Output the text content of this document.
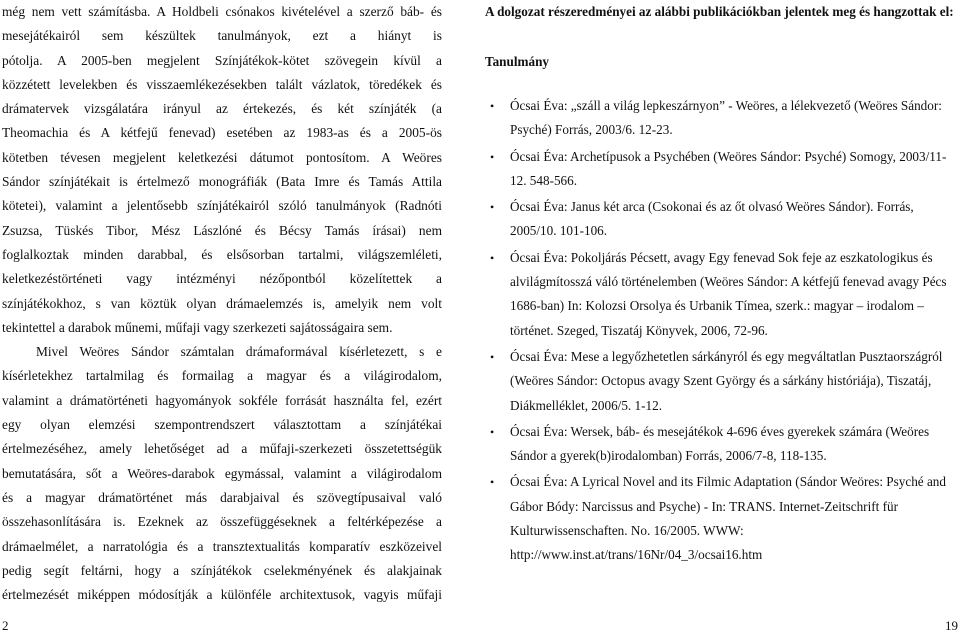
még nem vett számításba. A Holdbeli csónakos kivételével a szerző báb- és
mesejátékairól sem készültek tanulmányok, ezt a hiányt is
pótolja. A 2005-ben megjelent Színjátékok-kötet szövegein kívül a
közzétett levelekben és visszaemlékezésekben talált vázlatok, töredékek és
drámatervek vizsgálatára irányul az értekezés, és két színjáték (a
Theomachia és A kétfejű fenevad) esetében az 1983-as és a 2005-ös
kötetben tévesen megjelent keletkezési dátumot pontosítom. A Weöres
Sándor színjátékait is értelmező monográfiák (Bata Imre és Tamás Attila
kötetei), valamint a jelentősebb színjátékairól szóló tanulmányok (Radnóti
Zsuzsa, Tüskés Tibor, Mész Lászlóné és Bécsy Tamás írásai) nem
foglalkoztak minden darabbal, és elsősorban tartalmi, világszemléleti,
keletkezéstörténeti vagy intézményi nézőpontból közelítettek a
színjátékokhoz, s van köztük olyan drámaelemzés is, amelyik nem volt
tekintettel a darabok műnemi, műfaji vagy szerkezeti sajátosságaira sem.
Mivel Weöres Sándor számtalan drámaformával kísérletezett, s e
kísérletekhez tartalmilag és formailag a magyar és a világirodalom,
valamint a drámatörténeti hagyományok sokféle forrását használta fel, ezért
egy olyan elemzési szempontrendszert választottam a színjátékai
értelmezéséhez, amely lehetőséget ad a műfaji-szerkezeti összetettségük
bemutatására, sőt a Weöres-darabok egymással, valamint a világirodalom
és a magyar drámatörténet más darabjaival és szövegtípusaival való
összehasonlítására is. Ezeknek az összefüggéseknek a feltérképezése a
drámaelmélet, a narratológia és a transztextualitás komparatív eszközeivel
pedig segít feltárni, hogy a színjátékok cselekményének és alakjainak
értelmezését miképpen módosítják a különféle architextusok, vagyis műfaji
A dolgozat részeredményei az alábbi publikációkban jelentek meg és hangzottak el:
Tanulmány
• Ócsai Éva: „száll a világ lepkeszárnyon” - Weöres, a lélekvezető (Weöres Sándor: Psyché) Forrás, 2003/6. 12-23.
• Ócsai Éva: Archetípusok a Psychében (Weöres Sándor: Psyché) Somogy, 2003/11-12. 548-566.
• Ócsai Éva: Janus két arca (Csokonai és az őt olvasó Weöres Sándor). Forrás, 2005/10. 101-106.
• Ócsai Éva: Pokoljárás Pécsett, avagy Egy fenevad Sok feje az eszkatologikus és alvilágmítosszá váló történelemben (Weöres Sándor: A kétfejű fenevad avagy Pécs 1686-ban) In: Kolozsi Orsolya és Urbanik Tímea, szerk.: magyar – irodalom – történet. Szeged, Tiszatáj Könyvek, 2006, 72-96.
• Ócsai Éva: Mese a legyőzhetetlen sárkányról és egy megváltatlan Pusztaországról (Weöres Sándor: Octopus avagy Szent György és a sárkány históriája), Tiszatáj, Diákmelléklet, 2006/5. 1-12.
• Ócsai Éva: Wersek, báb- és mesejátékok 4-696 éves gyerekek számára (Weöres Sándor a gyerek(b)irodalomban) Forrás, 2006/7-8, 118-135.
• Ócsai Éva: A Lyrical Novel and its Filmic Adaptation (Sándor Weöres: Psyché and Gábor Bódy: Narcissus and Psyche) - In: TRANS. Internet-Zeitschrift für Kulturwissenschaften. No. 16/2005. WWW: http://www.inst.at/trans/16Nr/04_3/ocsai16.htm
2	19
